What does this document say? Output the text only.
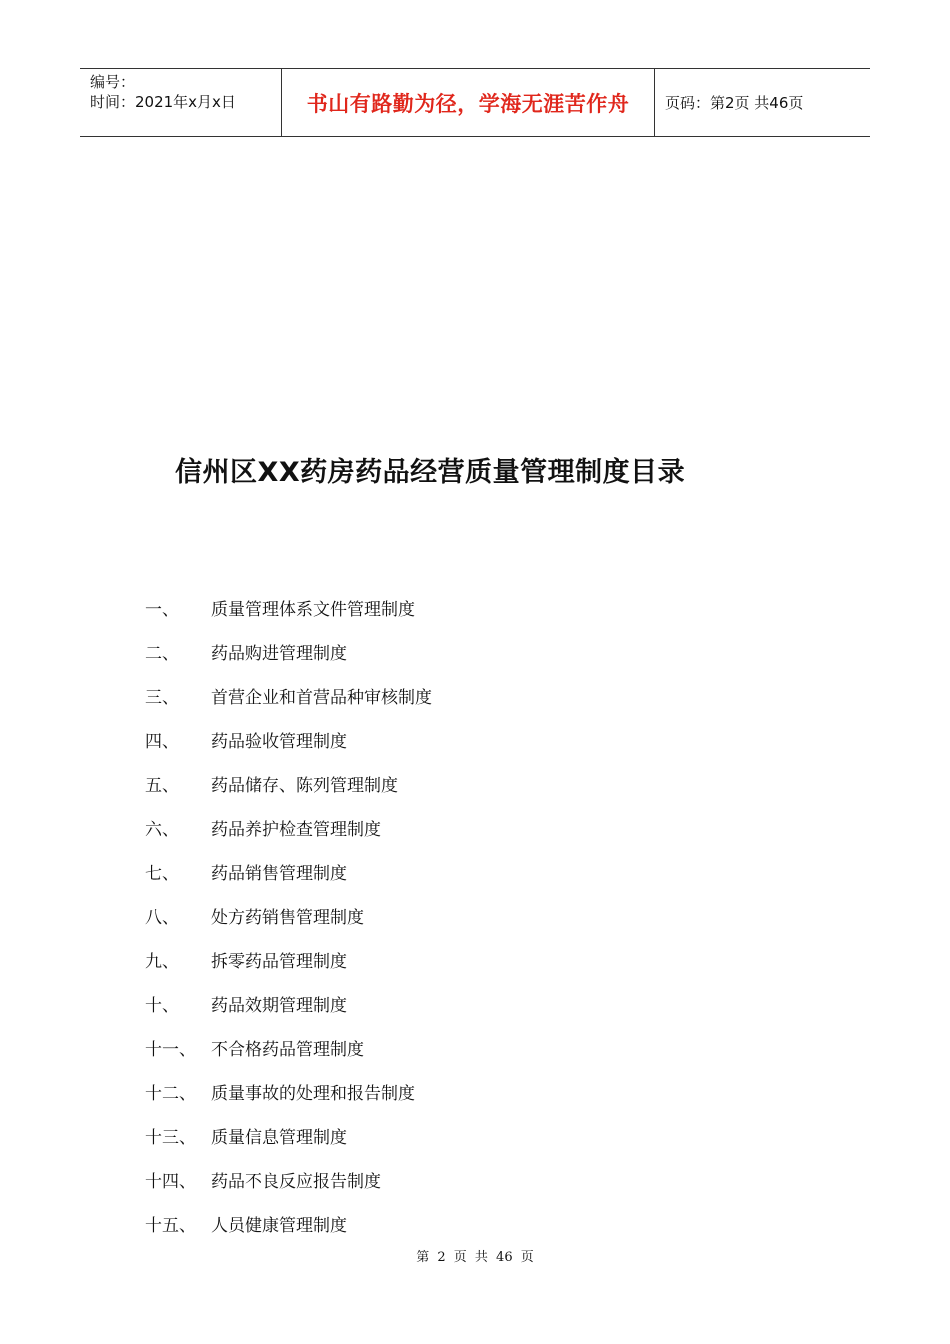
编号：
时间：2021年x月x日	书山有路勤为径，学海无涯苦作舟	页码：第2页 共46页
信州区XX药房药品经营质量管理制度目录
一、	质量管理体系文件管理制度
二、	药品购进管理制度
三、	首营企业和首营品种审核制度
四、	药品验收管理制度
五、	药品储存、陈列管理制度
六、	药品养护检查管理制度
七、	药品销售管理制度
八、	处方药销售管理制度
九、	拆零药品管理制度
十、	药品效期管理制度
十一、 不合格药品管理制度
十二、 质量事故的处理和报告制度
十三、 质量信息管理制度
十四、 药品不良反应报告制度
十五、 人员健康管理制度
第 2 页 共 46 页
